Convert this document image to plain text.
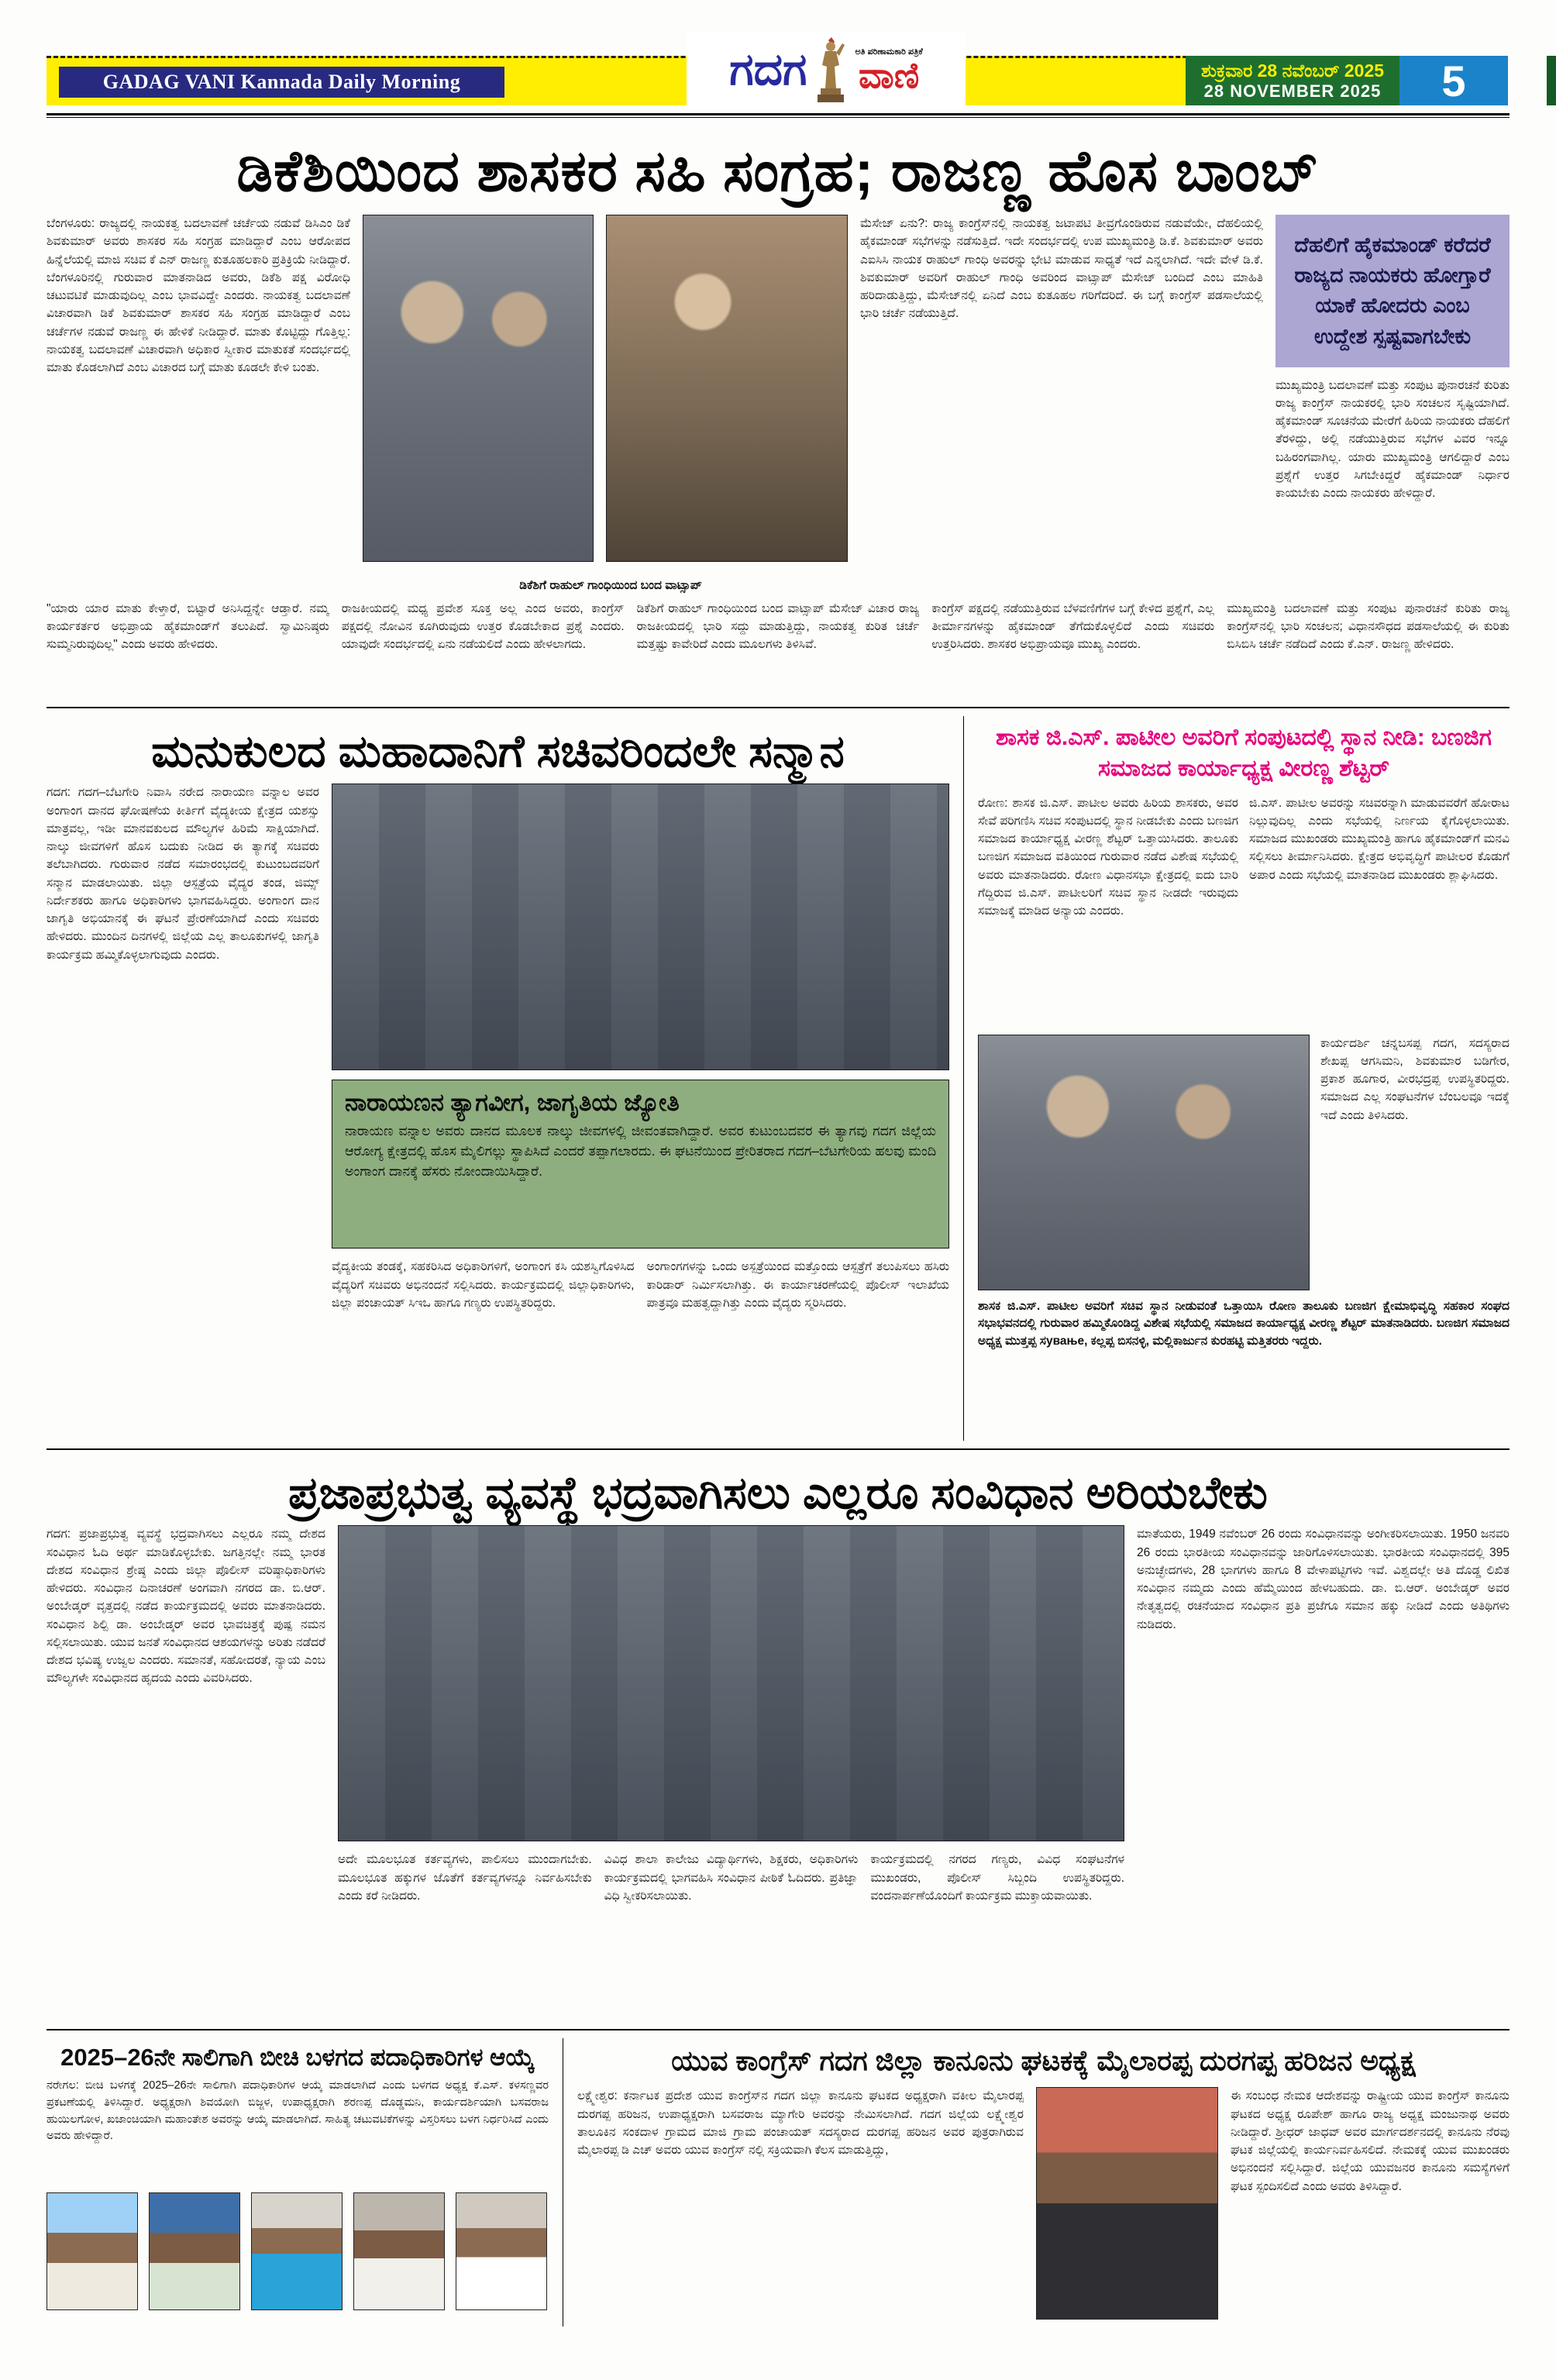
GADAG VANI Kannada Daily Morning	ಗದಗ	ಅತಿ ಪರಿಣಾಮಕಾರಿ ಪತ್ರಿಕೆ
ವಾಣಿ	ಶುಕ್ರವಾರ 28 ನವೆಂಬರ್ 2025
28 NOVEMBER 2025	5
ಡಿಕೆಶಿಯಿಂದ ಶಾಸಕರ ಸಹಿ ಸಂಗ್ರಹ; ರಾಜಣ್ಣ ಹೊಸ ಬಾಂಬ್
ಬೆಂಗಳೂರು: ರಾಜ್ಯದಲ್ಲಿ ನಾಯಕತ್ವ ಬದಲಾವಣೆ ಚರ್ಚೆಯ ನಡುವೆ ಡಿಸಿಎಂ ಡಿಕೆ ಶಿವಕುಮಾರ್ ಅವರು ಶಾಸಕರ ಸಹಿ ಸಂಗ್ರಹ ಮಾಡಿದ್ದಾರೆ ಎಂಬ ಆರೋಪದ ಹಿನ್ನೆಲೆಯಲ್ಲಿ ಮಾಜಿ ಸಚಿವ ಕೆ ಎನ್ ರಾಜಣ್ಣ ಕುತೂಹಲಕಾರಿ ಪ್ರತಿಕ್ರಿಯೆ ನೀಡಿದ್ದಾರೆ. ಬೆಂಗಳೂರಿನಲ್ಲಿ ಗುರುವಾರ ಮಾತನಾಡಿದ ಅವರು, ಡಿಕೆಶಿ ಪಕ್ಷ ವಿರೋಧಿ ಚಟುವಟಿಕೆ ಮಾಡುವುದಿಲ್ಲ ಎಂಬ ಭಾವವಿದ್ದೇ ಎಂದರು. ನಾಯಕತ್ವ ಬದಲಾವಣೆ ವಿಚಾರವಾಗಿ ಡಿಕೆ ಶಿವಕುಮಾರ್ ಶಾಸಕರ ಸಹಿ ಸಂಗ್ರಹ ಮಾಡಿದ್ದಾರೆ ಎಂಬ ಚರ್ಚೆಗಳ ನಡುವೆ ರಾಜಣ್ಣ ಈ ಹೇಳಿಕೆ ನೀಡಿದ್ದಾರೆ. ಮಾತು ಕೊಟ್ಟಿದ್ದು ಗೊತ್ತಿಲ್ಲ: ನಾಯಕತ್ವ ಬದಲಾವಣೆ ವಿಚಾರವಾಗಿ ಅಧಿಕಾರ ಸ್ವೀಕಾರ ಮಾತುಕತೆ ಸಂದರ್ಭದಲ್ಲಿ ಮಾತು ಕೊಡಲಾಗಿದೆ ಎಂಬ ವಿಚಾರದ ಬಗ್ಗೆ ಮಾತು ಕೂಡಲೇ ಕೇಳಿ ಬಂತು.
ಮೆಸೇಜ್ ಏನು?: ರಾಜ್ಯ ಕಾಂಗ್ರೆಸ್‌ನಲ್ಲಿ ನಾಯಕತ್ವ ಜಟಾಪಟಿ ತೀವ್ರಗೊಂಡಿರುವ ನಡುವೆಯೇ, ದೆಹಲಿಯಲ್ಲಿ ಹೈಕಮಾಂಡ್ ಸಭೆಗಳನ್ನು ನಡೆಸುತ್ತಿದೆ. ಇದೇ ಸಂದರ್ಭದಲ್ಲಿ ಉಪ ಮುಖ್ಯಮಂತ್ರಿ ಡಿ.ಕೆ. ಶಿವಕುಮಾರ್ ಅವರು ಎಐಸಿಸಿ ನಾಯಕ ರಾಹುಲ್ ಗಾಂಧಿ ಅವರನ್ನು ಭೇಟಿ ಮಾಡುವ ಸಾಧ್ಯತೆ ಇದೆ ಎನ್ನಲಾಗಿದೆ. ಇದೇ ವೇಳೆ ಡಿ.ಕೆ. ಶಿವಕುಮಾರ್ ಅವರಿಗೆ ರಾಹುಲ್ ಗಾಂಧಿ ಅವರಿಂದ ವಾಟ್ಸಾಪ್ ಮೆಸೇಜ್ ಬಂದಿದೆ ಎಂಬ ಮಾಹಿತಿ ಹರಿದಾಡುತ್ತಿದ್ದು, ಮೆಸೇಜ್‌ನಲ್ಲಿ ಏನಿದೆ ಎಂಬ ಕುತೂಹಲ ಗರಿಗೆದರಿದೆ. ಈ ಬಗ್ಗೆ ಕಾಂಗ್ರೆಸ್ ಪಡಸಾಲೆಯಲ್ಲಿ ಭಾರಿ ಚರ್ಚೆ ನಡೆಯುತ್ತಿದೆ.
ದೆಹಲಿಗೆ ಹೈಕಮಾಂಡ್ ಕರೆದರೆ ರಾಜ್ಯದ ನಾಯಕರು ಹೋಗ್ತಾರೆ ಯಾಕೆ ಹೋದರು ಎಂಬ ಉದ್ದೇಶ ಸ್ಪಷ್ಟವಾಗಬೇಕು
ಮುಖ್ಯಮಂತ್ರಿ ಬದಲಾವಣೆ ಮತ್ತು ಸಂಪುಟ ಪುನಾರಚನೆ ಕುರಿತು ರಾಜ್ಯ ಕಾಂಗ್ರೆಸ್ ನಾಯಕರಲ್ಲಿ ಭಾರಿ ಸಂಚಲನ ಸೃಷ್ಟಿಯಾಗಿದೆ. ಹೈಕಮಾಂಡ್ ಸೂಚನೆಯ ಮೇರೆಗೆ ಹಿರಿಯ ನಾಯಕರು ದೆಹಲಿಗೆ ತೆರಳಿದ್ದು, ಅಲ್ಲಿ ನಡೆಯುತ್ತಿರುವ ಸಭೆಗಳ ವಿವರ ಇನ್ನೂ ಬಹಿರಂಗವಾಗಿಲ್ಲ. ಯಾರು ಮುಖ್ಯಮಂತ್ರಿ ಆಗಲಿದ್ದಾರೆ ಎಂಬ ಪ್ರಶ್ನೆಗೆ ಉತ್ತರ ಸಿಗಬೇಕಿದ್ದರೆ ಹೈಕಮಾಂಡ್ ನಿರ್ಧಾರ ಕಾಯಬೇಕು ಎಂದು ನಾಯಕರು ಹೇಳಿದ್ದಾರೆ.
ಡಿಕೆಶಿಗೆ ರಾಹುಲ್ ಗಾಂಧಿಯಿಂದ ಬಂದ ವಾಟ್ಸಾಪ್
"ಯಾರು ಯಾರ ಮಾತು ಕೇಳ್ತಾರೆ, ಬಿಟ್ಟಾರೆ ಅನಿಸಿದ್ದನ್ನೇ ಆಡ್ತಾರೆ. ನಮ್ಮ ಕಾರ್ಯಕರ್ತರ ಅಭಿಪ್ರಾಯ ಹೈಕಮಾಂಡ್‌ಗೆ ತಲುಪಿದೆ. ಸ್ವಾಮಿನಿಷ್ಠರು ಸುಮ್ಮನಿರುವುದಿಲ್ಲ" ಎಂದು ಅವರು ಹೇಳಿದರು.
ರಾಜಕೀಯದಲ್ಲಿ ಮಧ್ಯ ಪ್ರವೇಶ ಸೂಕ್ತ ಅಲ್ಲ ಎಂದ ಅವರು, ಕಾಂಗ್ರೆಸ್ ಪಕ್ಷದಲ್ಲಿ ನೋವಿನ ಕೂಗಿರುವುದು ಉತ್ತರ ಕೊಡಬೇಕಾದ ಪ್ರಶ್ನೆ ಎಂದರು. ಯಾವುದೇ ಸಂದರ್ಭದಲ್ಲಿ ಏನು ನಡೆಯಲಿದೆ ಎಂದು ಹೇಳಲಾಗದು.
ಡಿಕೆಶಿಗೆ ರಾಹುಲ್ ಗಾಂಧಿಯಿಂದ ಬಂದ ವಾಟ್ಸಾಪ್ ಮೆಸೇಜ್ ವಿಚಾರ ರಾಜ್ಯ ರಾಜಕೀಯದಲ್ಲಿ ಭಾರಿ ಸದ್ದು ಮಾಡುತ್ತಿದ್ದು, ನಾಯಕತ್ವ ಕುರಿತ ಚರ್ಚೆ ಮತ್ತಷ್ಟು ಕಾವೇರಿದೆ ಎಂದು ಮೂಲಗಳು ತಿಳಿಸಿವೆ.
ಕಾಂಗ್ರೆಸ್ ಪಕ್ಷದಲ್ಲಿ ನಡೆಯುತ್ತಿರುವ ಬೆಳವಣಿಗೆಗಳ ಬಗ್ಗೆ ಕೇಳಿದ ಪ್ರಶ್ನೆಗೆ, ಎಲ್ಲ ತೀರ್ಮಾನಗಳನ್ನು ಹೈಕಮಾಂಡ್ ತೆಗೆದುಕೊಳ್ಳಲಿದೆ ಎಂದು ಸಚಿವರು ಉತ್ತರಿಸಿದರು. ಶಾಸಕರ ಅಭಿಪ್ರಾಯವೂ ಮುಖ್ಯ ಎಂದರು.
ಮುಖ್ಯಮಂತ್ರಿ ಬದಲಾವಣೆ ಮತ್ತು ಸಂಪುಟ ಪುನಾರಚನೆ ಕುರಿತು ರಾಜ್ಯ ಕಾಂಗ್ರೆಸ್‌ನಲ್ಲಿ ಭಾರಿ ಸಂಚಲನ; ವಿಧಾನಸೌಧದ ಪಡಸಾಲೆಯಲ್ಲಿ ಈ ಕುರಿತು ಬಿಸಿಬಿಸಿ ಚರ್ಚೆ ನಡೆದಿದೆ ಎಂದು ಕೆ.ಎನ್. ರಾಜಣ್ಣ ಹೇಳಿದರು.
ಮನುಕುಲದ ಮಹಾದಾನಿಗೆ ಸಚಿವರಿಂದಲೇ ಸನ್ಮಾನ
ಗದಗ: ಗದಗ–ಬೆಟಗೇರಿ ನಿವಾಸಿ ನರೇದ ನಾರಾಯಣ ವನ್ನಾಲ ಅವರ ಅಂಗಾಂಗ ದಾನದ ಘೋಷಣೆಯ ಕೀರ್ತಿಗೆ ವೈದ್ಯಕೀಯ ಕ್ಷೇತ್ರದ ಯಶಸ್ಸು ಮಾತ್ರವಲ್ಲ, ಇಡೀ ಮಾನವಕುಲದ ಮೌಲ್ಯಗಳ ಹಿರಿಮೆ ಸಾಕ್ಷಿಯಾಗಿದೆ. ನಾಲ್ಕು ಜೀವಗಳಿಗೆ ಹೊಸ ಬದುಕು ನೀಡಿದ ಈ ತ್ಯಾಗಕ್ಕೆ ಸಚಿವರು ತಲೆಬಾಗಿದರು. ಗುರುವಾರ ನಡೆದ ಸಮಾರಂಭದಲ್ಲಿ ಕುಟುಂಬದವರಿಗೆ ಸನ್ಮಾನ ಮಾಡಲಾಯಿತು. ಜಿಲ್ಲಾ ಆಸ್ಪತ್ರೆಯ ವೈದ್ಯರ ತಂಡ, ಜಿಮ್ಸ್ ನಿರ್ದೇಶಕರು ಹಾಗೂ ಅಧಿಕಾರಿಗಳು ಭಾಗವಹಿಸಿದ್ದರು. ಅಂಗಾಂಗ ದಾನ ಜಾಗೃತಿ ಅಭಿಯಾನಕ್ಕೆ ಈ ಘಟನೆ ಪ್ರೇರಣೆಯಾಗಿದೆ ಎಂದು ಸಚಿವರು ಹೇಳಿದರು. ಮುಂದಿನ ದಿನಗಳಲ್ಲಿ ಜಿಲ್ಲೆಯ ಎಲ್ಲ ತಾಲೂಕುಗಳಲ್ಲಿ ಜಾಗೃತಿ ಕಾರ್ಯಕ್ರಮ ಹಮ್ಮಿಕೊಳ್ಳಲಾಗುವುದು ಎಂದರು.
ನಾರಾಯಣನ ತ್ಯಾಗವೀಗ, ಜಾಗೃತಿಯ ಜ್ಯೋತಿ
ನಾರಾಯಣ ವನ್ನಾಲ ಅವರು ದಾನದ ಮೂಲಕ ನಾಲ್ಕು ಜೀವಗಳಲ್ಲಿ ಜೀವಂತವಾಗಿದ್ದಾರೆ. ಅವರ ಕುಟುಂಬದವರ ಈ ತ್ಯಾಗವು ಗದಗ ಜಿಲ್ಲೆಯ ಆರೋಗ್ಯ ಕ್ಷೇತ್ರದಲ್ಲಿ ಹೊಸ ಮೈಲಿಗಲ್ಲು ಸ್ಥಾಪಿಸಿದೆ ಎಂದರೆ ತಪ್ಪಾಗಲಾರದು. ಈ ಘಟನೆಯಿಂದ ಪ್ರೇರಿತರಾದ ಗದಗ–ಬೆಟಗೇರಿಯ ಹಲವು ಮಂದಿ ಅಂಗಾಂಗ ದಾನಕ್ಕೆ ಹೆಸರು ನೋಂದಾಯಿಸಿದ್ದಾರೆ.
ವೈದ್ಯಕೀಯ ತಂಡಕ್ಕೆ, ಸಹಕರಿಸಿದ ಅಧಿಕಾರಿಗಳಿಗೆ, ಅಂಗಾಂಗ ಕಸಿ ಯಶಸ್ವಿಗೊಳಿಸಿದ ವೈದ್ಯರಿಗೆ ಸಚಿವರು ಅಭಿನಂದನೆ ಸಲ್ಲಿಸಿದರು. ಕಾರ್ಯಕ್ರಮದಲ್ಲಿ ಜಿಲ್ಲಾಧಿಕಾರಿಗಳು, ಜಿಲ್ಲಾ ಪಂಚಾಯತ್ ಸಿಇಒ ಹಾಗೂ ಗಣ್ಯರು ಉಪಸ್ಥಿತರಿದ್ದರು.
ಅಂಗಾಂಗಗಳನ್ನು ಒಂದು ಅಸ್ಪತ್ರೆಯಿಂದ ಮತ್ತೊಂದು ಆಸ್ಪತ್ರೆಗೆ ತಲುಪಿಸಲು ಹಸಿರು ಕಾರಿಡಾರ್ ನಿರ್ಮಿಸಲಾಗಿತ್ತು. ಈ ಕಾರ್ಯಾಚರಣೆಯಲ್ಲಿ ಪೊಲೀಸ್ ಇಲಾಖೆಯ ಪಾತ್ರವೂ ಮಹತ್ವದ್ದಾಗಿತ್ತು ಎಂದು ವೈದ್ಯರು ಸ್ಮರಿಸಿದರು.
ಶಾಸಕ ಜಿ.ಎಸ್. ಪಾಟೀಲ ಅವರಿಗೆ ಸಂಪುಟದಲ್ಲಿ ಸ್ಥಾನ ನೀಡಿ: ಬಣಜಿಗ ಸಮಾಜದ ಕಾರ್ಯಾಧ್ಯಕ್ಷ ವೀರಣ್ಣ ಶೆಟ್ಟರ್
ರೋಣ: ಶಾಸಕ ಜಿ.ಎಸ್. ಪಾಟೀಲ ಅವರು ಹಿರಿಯ ಶಾಸಕರು, ಅವರ ಸೇವೆ ಪರಿಗಣಿಸಿ ಸಚಿವ ಸಂಪುಟದಲ್ಲಿ ಸ್ಥಾನ ನೀಡಬೇಕು ಎಂದು ಬಣಜಿಗ ಸಮಾಜದ ಕಾರ್ಯಾಧ್ಯಕ್ಷ ವೀರಣ್ಣ ಶೆಟ್ಟರ್ ಒತ್ತಾಯಿಸಿದರು. ತಾಲೂಕು ಬಣಜಿಗ ಸಮಾಜದ ವತಿಯಿಂದ ಗುರುವಾರ ನಡೆದ ವಿಶೇಷ ಸಭೆಯಲ್ಲಿ ಅವರು ಮಾತನಾಡಿದರು. ರೋಣ ವಿಧಾನಸಭಾ ಕ್ಷೇತ್ರದಲ್ಲಿ ಐದು ಬಾರಿ ಗೆದ್ದಿರುವ ಜಿ.ಎಸ್. ಪಾಟೀಲರಿಗೆ ಸಚಿವ ಸ್ಥಾನ ನೀಡದೇ ಇರುವುದು ಸಮಾಜಕ್ಕೆ ಮಾಡಿದ ಅನ್ಯಾಯ ಎಂದರು.
ಜಿ.ಎಸ್. ಪಾಟೀಲ ಅವರನ್ನು ಸಚಿವರನ್ನಾಗಿ ಮಾಡುವವರೆಗೆ ಹೋರಾಟ ನಿಲ್ಲುವುದಿಲ್ಲ ಎಂದು ಸಭೆಯಲ್ಲಿ ನಿರ್ಣಯ ಕೈಗೊಳ್ಳಲಾಯಿತು. ಸಮಾಜದ ಮುಖಂಡರು ಮುಖ್ಯಮಂತ್ರಿ ಹಾಗೂ ಹೈಕಮಾಂಡ್‌ಗೆ ಮನವಿ ಸಲ್ಲಿಸಲು ತೀರ್ಮಾನಿಸಿದರು. ಕ್ಷೇತ್ರದ ಅಭಿವೃದ್ಧಿಗೆ ಪಾಟೀಲರ ಕೊಡುಗೆ ಅಪಾರ ಎಂದು ಸಭೆಯಲ್ಲಿ ಮಾತನಾಡಿದ ಮುಖಂಡರು ಶ್ಲಾಘಿಸಿದರು.
ಕಾರ್ಯದರ್ಶಿ ಚನ್ನಬಸಪ್ಪ ಗದಗ, ಸದಸ್ಯರಾದ ಶೇಖಪ್ಪ ಆಗಸಿಮನಿ, ಶಿವಕುಮಾರ ಬಡಿಗೇರ, ಪ್ರಕಾಶ ಹೂಗಾರ, ವೀರಭದ್ರಪ್ಪ ಉಪಸ್ಥಿತರಿದ್ದರು. ಸಮಾಜದ ಎಲ್ಲ ಸಂಘಟನೆಗಳ ಬೆಂಬಲವೂ ಇದಕ್ಕೆ ಇದೆ ಎಂದು ತಿಳಿಸಿದರು.
ಶಾಸಕ ಜಿ.ಎಸ್. ಪಾಟೀಲ ಅವರಿಗೆ ಸಚಿವ ಸ್ಥಾನ ನೀಡುವಂತೆ ಒತ್ತಾಯಿಸಿ ರೋಣ ತಾಲೂಕು ಬಣಜಿಗ ಕ್ಷೇಮಾಭಿವೃದ್ಧಿ ಸಹಕಾರ ಸಂಘದ ಸಭಾಭವನದಲ್ಲಿ ಗುರುವಾರ ಹಮ್ಮಿಕೊಂಡಿದ್ದ ವಿಶೇಷ ಸಭೆಯಲ್ಲಿ ಸಮಾಜದ ಕಾರ್ಯಾಧ್ಯಕ್ಷ ವೀರಣ್ಣ ಶೆಟ್ಟರ್ ಮಾತನಾಡಿದರು. ಬಣಜಿಗ ಸಮಾಜದ ಅಧ್ಯಕ್ಷ ಮುತ್ತಪ್ಪ ಸување, ಕಲ್ಲಪ್ಪ ಬಿಸನಳ್ಳಿ, ಮಲ್ಲಿಕಾರ್ಜುನ ಕುರಹಟ್ಟಿ ಮತ್ತಿತರರು ಇದ್ದರು.
ಪ್ರಜಾಪ್ರಭುತ್ವ ವ್ಯವಸ್ಥೆ ಭದ್ರವಾಗಿಸಲು ಎಲ್ಲರೂ ಸಂವಿಧಾನ ಅರಿಯಬೇಕು
ಗದಗ: ಪ್ರಜಾಪ್ರಭುತ್ವ ವ್ಯವಸ್ಥೆ ಭದ್ರವಾಗಿಸಲು ಎಲ್ಲರೂ ನಮ್ಮ ದೇಶದ ಸಂವಿಧಾನ ಓದಿ ಅರ್ಥ ಮಾಡಿಕೊಳ್ಳಬೇಕು. ಜಗತ್ತಿನಲ್ಲೇ ನಮ್ಮ ಭಾರತ ದೇಶದ ಸಂವಿಧಾನ ಶ್ರೇಷ್ಠ ಎಂದು ಜಿಲ್ಲಾ ಪೊಲೀಸ್ ವರಿಷ್ಠಾಧಿಕಾರಿಗಳು ಹೇಳಿದರು. ಸಂವಿಧಾನ ದಿನಾಚರಣೆ ಅಂಗವಾಗಿ ನಗರದ ಡಾ. ಬಿ.ಆರ್. ಅಂಬೇಡ್ಕರ್ ವೃತ್ತದಲ್ಲಿ ನಡೆದ ಕಾರ್ಯಕ್ರಮದಲ್ಲಿ ಅವರು ಮಾತನಾಡಿದರು. ಸಂವಿಧಾನ ಶಿಲ್ಪಿ ಡಾ. ಅಂಬೇಡ್ಕರ್ ಅವರ ಭಾವಚಿತ್ರಕ್ಕೆ ಪುಷ್ಪ ನಮನ ಸಲ್ಲಿಸಲಾಯಿತು. ಯುವ ಜನತೆ ಸಂವಿಧಾನದ ಆಶಯಗಳನ್ನು ಅರಿತು ನಡೆದರೆ ದೇಶದ ಭವಿಷ್ಯ ಉಜ್ವಲ ಎಂದರು. ಸಮಾನತೆ, ಸಹೋದರತೆ, ನ್ಯಾಯ ಎಂಬ ಮೌಲ್ಯಗಳೇ ಸಂವಿಧಾನದ ಹೃದಯ ಎಂದು ವಿವರಿಸಿದರು.
ಅದೇ ಮೂಲಭೂತ ಕರ್ತವ್ಯಗಳು, ಪಾಲಿಸಲು ಮುಂದಾಗಬೇಕು. ಮೂಲಭೂತ ಹಕ್ಕುಗಳ ಜೊತೆಗೆ ಕರ್ತವ್ಯಗಳನ್ನೂ ನಿರ್ವಹಿಸಬೇಕು ಎಂದು ಕರೆ ನೀಡಿದರು.
ವಿವಿಧ ಶಾಲಾ ಕಾಲೇಜು ವಿದ್ಯಾರ್ಥಿಗಳು, ಶಿಕ್ಷಕರು, ಅಧಿಕಾರಿಗಳು ಕಾರ್ಯಕ್ರಮದಲ್ಲಿ ಭಾಗವಹಿಸಿ ಸಂವಿಧಾನ ಪೀಠಿಕೆ ಓದಿದರು. ಪ್ರತಿಜ್ಞಾ ವಿಧಿ ಸ್ವೀಕರಿಸಲಾಯಿತು.
ಕಾರ್ಯಕ್ರಮದಲ್ಲಿ ನಗರದ ಗಣ್ಯರು, ವಿವಿಧ ಸಂಘಟನೆಗಳ ಮುಖಂಡರು, ಪೊಲೀಸ್ ಸಿಬ್ಬಂದಿ ಉಪಸ್ಥಿತರಿದ್ದರು. ವಂದನಾರ್ಪಣೆಯೊಂದಿಗೆ ಕಾರ್ಯಕ್ರಮ ಮುಕ್ತಾಯವಾಯಿತು.
ಮಾತೆಯರು, 1949 ನವೆಂಬರ್ 26 ರಂದು ಸಂವಿಧಾನವನ್ನು ಅಂಗೀಕರಿಸಲಾಯಿತು. 1950 ಜನವರಿ 26 ರಂದು ಭಾರತೀಯ ಸಂವಿಧಾನವನ್ನು ಜಾರಿಗೊಳಿಸಲಾಯಿತು. ಭಾರತೀಯ ಸಂವಿಧಾನದಲ್ಲಿ 395 ಅನುಚ್ಛೇದಗಳು, 28 ಭಾಗಗಳು ಹಾಗೂ 8 ವೇಳಾಪಟ್ಟಿಗಳು ಇವೆ. ವಿಶ್ವದಲ್ಲೇ ಅತಿ ದೊಡ್ಡ ಲಿಖಿತ ಸಂವಿಧಾನ ನಮ್ಮದು ಎಂದು ಹೆಮ್ಮೆಯಿಂದ ಹೇಳಬಹುದು. ಡಾ. ಬಿ.ಆರ್. ಅಂಬೇಡ್ಕರ್ ಅವರ ನೇತೃತ್ವದಲ್ಲಿ ರಚನೆಯಾದ ಸಂವಿಧಾನ ಪ್ರತಿ ಪ್ರಜೆಗೂ ಸಮಾನ ಹಕ್ಕು ನೀಡಿದೆ ಎಂದು ಅತಿಥಿಗಳು ನುಡಿದರು.
2025–26ನೇ ಸಾಲಿಗಾಗಿ ಬೀಚಿ ಬಳಗದ ಪದಾಧಿಕಾರಿಗಳ ಆಯ್ಕೆ
ನರೇಗಲ: ಬೀಚಿ ಬಳಗಕ್ಕೆ 2025–26ನೇ ಸಾಲಿಗಾಗಿ ಪದಾಧಿಕಾರಿಗಳ ಆಯ್ಕೆ ಮಾಡಲಾಗಿದೆ ಎಂದು ಬಳಗದ ಅಧ್ಯಕ್ಷ ಕೆ.ಎಸ್. ಕಳಸಣ್ಣವರ ಪ್ರಕಟಣೆಯಲ್ಲಿ ತಿಳಿಸಿದ್ದಾರೆ. ಅಧ್ಯಕ್ಷರಾಗಿ ಶಿವಯೋಗಿ ಬಿಜ್ಜಳ, ಉಪಾಧ್ಯಕ್ಷರಾಗಿ ಶರಣಪ್ಪ ದೊಡ್ಡಮನಿ, ಕಾರ್ಯದರ್ಶಿಯಾಗಿ ಬಸವರಾಜ ಹುಯಿಲಗೋಳ, ಖಜಾಂಚಿಯಾಗಿ ಮಹಾಂತೇಶ ಅವರನ್ನು ಆಯ್ಕೆ ಮಾಡಲಾಗಿದೆ. ಸಾಹಿತ್ಯ ಚಟುವಟಿಕೆಗಳನ್ನು ವಿಸ್ತರಿಸಲು ಬಳಗ ನಿರ್ಧರಿಸಿದೆ ಎಂದು ಅವರು ಹೇಳಿದ್ದಾರೆ.
ಯುವ ಕಾಂಗ್ರೆಸ್ ಗದಗ ಜಿಲ್ಲಾ ಕಾನೂನು ಘಟಕಕ್ಕೆ ಮೈಲಾರಪ್ಪ ದುರಗಪ್ಪ ಹರಿಜನ ಅಧ್ಯಕ್ಷ
ಲಕ್ಷ್ಮೇಶ್ವರ: ಕರ್ನಾಟಕ ಪ್ರದೇಶ ಯುವ ಕಾಂಗ್ರೆಸ್‌ನ ಗದಗ ಜಿಲ್ಲಾ ಕಾನೂನು ಘಟಕದ ಅಧ್ಯಕ್ಷರಾಗಿ ವಕೀಲ ಮೈಲಾರಪ್ಪ ದುರಗಪ್ಪ ಹರಿಜನ, ಉಪಾಧ್ಯಕ್ಷರಾಗಿ ಬಸವರಾಜ ಮ್ಯಾಗೇರಿ ಅವರನ್ನು ನೇಮಿಸಲಾಗಿದೆ. ಗದಗ ಜಿಲ್ಲೆಯ ಲಕ್ಷ್ಮೇಶ್ವರ ತಾಲೂಕಿನ ಸಂಕದಾಳ ಗ್ರಾಮದ ಮಾಜಿ ಗ್ರಾಮ ಪಂಚಾಯತ್ ಸದಸ್ಯರಾದ ದುರಗಪ್ಪ ಹರಿಜನ ಅವರ ಪುತ್ರರಾಗಿರುವ ಮೈಲಾರಪ್ಪ ಡಿ ಎಚ್ ಅವರು ಯುವ ಕಾಂಗ್ರೆಸ್ ನಲ್ಲಿ ಸಕ್ರಿಯವಾಗಿ ಕೆಲಸ ಮಾಡುತ್ತಿದ್ದು,
ಈ ಸಂಬಂಧ ನೇಮಕ ಆದೇಶವನ್ನು ರಾಷ್ಟ್ರೀಯ ಯುವ ಕಾಂಗ್ರೆಸ್ ಕಾನೂನು ಘಟಕದ ಅಧ್ಯಕ್ಷ ರೂಪೇಶ್ ಹಾಗೂ ರಾಜ್ಯ ಅಧ್ಯಕ್ಷ ಮಂಜುನಾಥ ಅವರು ನೀಡಿದ್ದಾರೆ. ಶ್ರೀಧರ್ ಜಾಧವ್ ಅವರ ಮಾರ್ಗದರ್ಶನದಲ್ಲಿ ಕಾನೂನು ನೆರವು ಘಟಕ ಜಿಲ್ಲೆಯಲ್ಲಿ ಕಾರ್ಯನಿರ್ವಹಿಸಲಿದೆ. ನೇಮಕಕ್ಕೆ ಯುವ ಮುಖಂಡರು ಅಭಿನಂದನೆ ಸಲ್ಲಿಸಿದ್ದಾರೆ. ಜಿಲ್ಲೆಯ ಯುವಜನರ ಕಾನೂನು ಸಮಸ್ಯೆಗಳಿಗೆ ಘಟಕ ಸ್ಪಂದಿಸಲಿದೆ ಎಂದು ಅವರು ತಿಳಿಸಿದ್ದಾರೆ.
